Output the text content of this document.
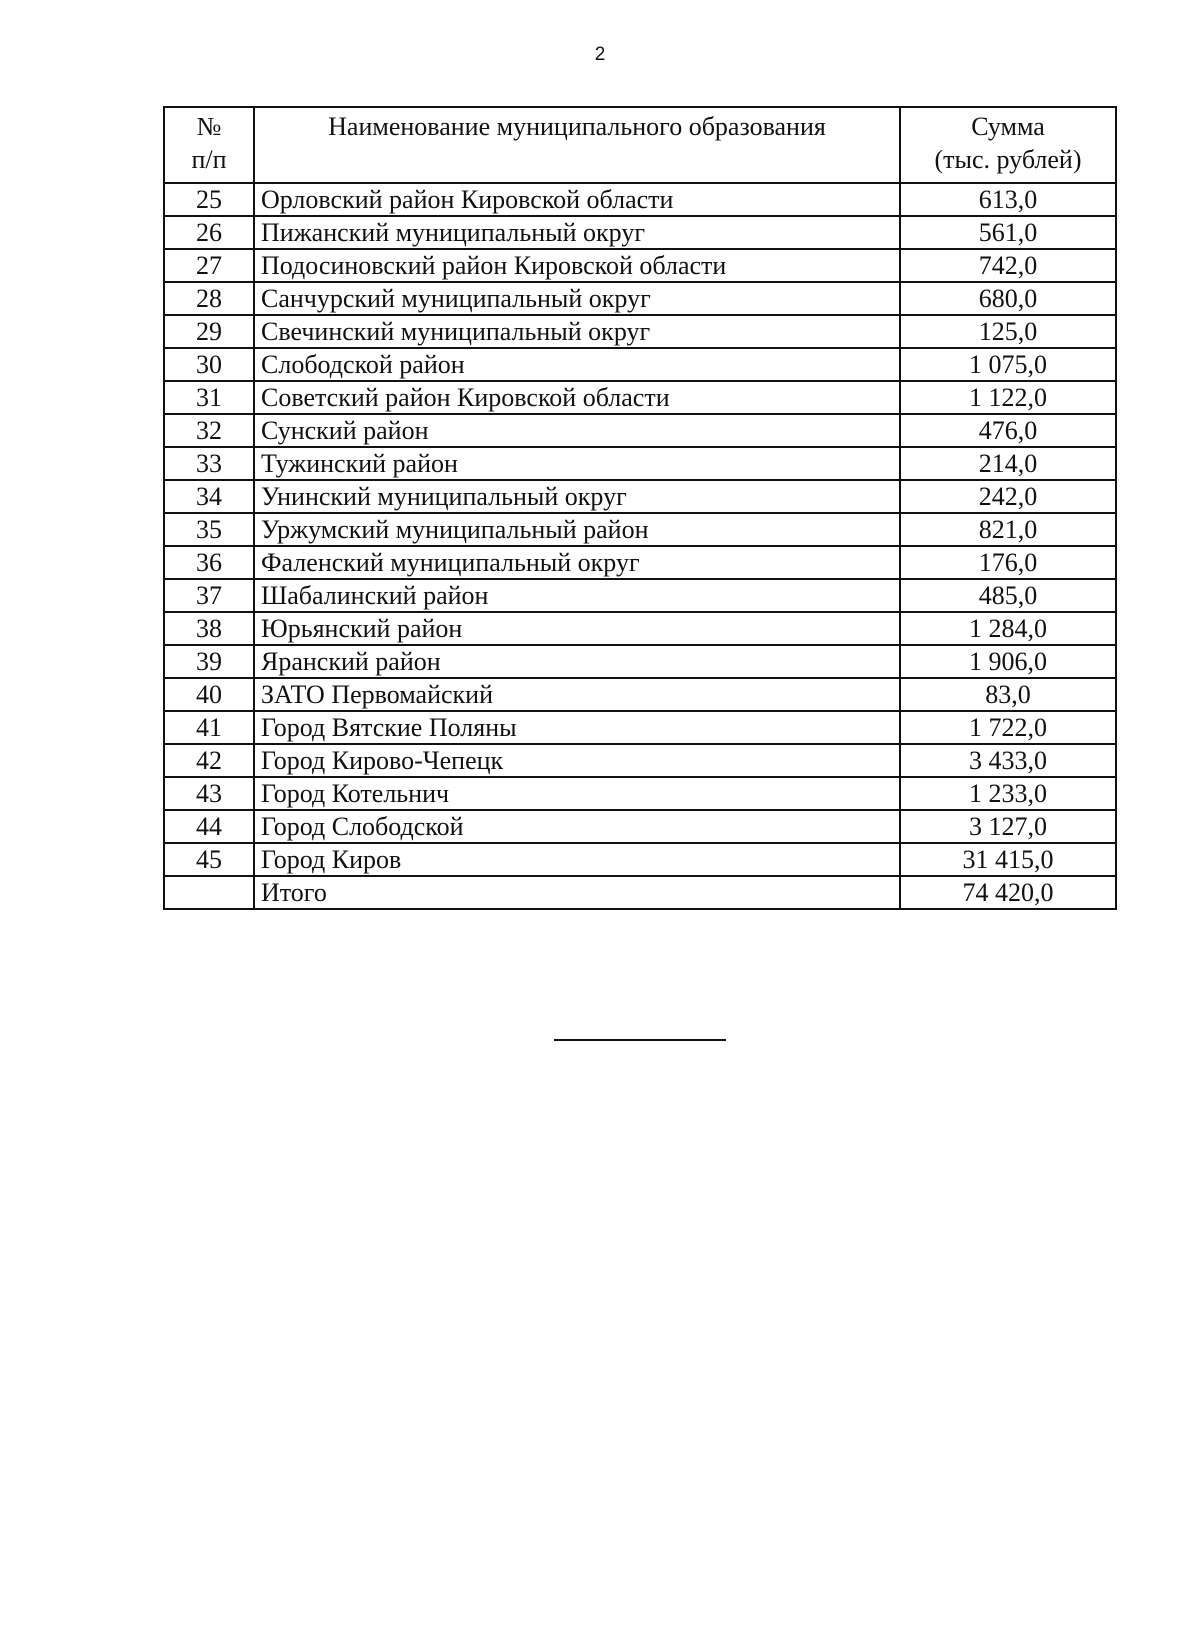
2
№
п/п	Наименование муниципального образования	Сумма
(тыс. рублей)
25	Орловский район Кировской области	613,0
26	Пижанский муниципальный округ	561,0
27	Подосиновский район Кировской области	742,0
28	Санчурский муниципальный округ	680,0
29	Свечинский муниципальный округ	125,0
30	Слободской район	1 075,0
31	Советский район Кировской области	1 122,0
32	Сунский район	476,0
33	Тужинский район	214,0
34	Унинский муниципальный округ	242,0
35	Уржумский муниципальный район	821,0
36	Фаленский муниципальный округ	176,0
37	Шабалинский район	485,0
38	Юрьянский район	1 284,0
39	Яранский район	1 906,0
40	ЗАТО Первомайский	83,0
41	Город Вятские Поляны	1 722,0
42	Город Кирово-Чепецк	3 433,0
43	Город Котельнич	1 233,0
44	Город Слободской	3 127,0
45	Город Киров	31 415,0
	Итого	74 420,0
